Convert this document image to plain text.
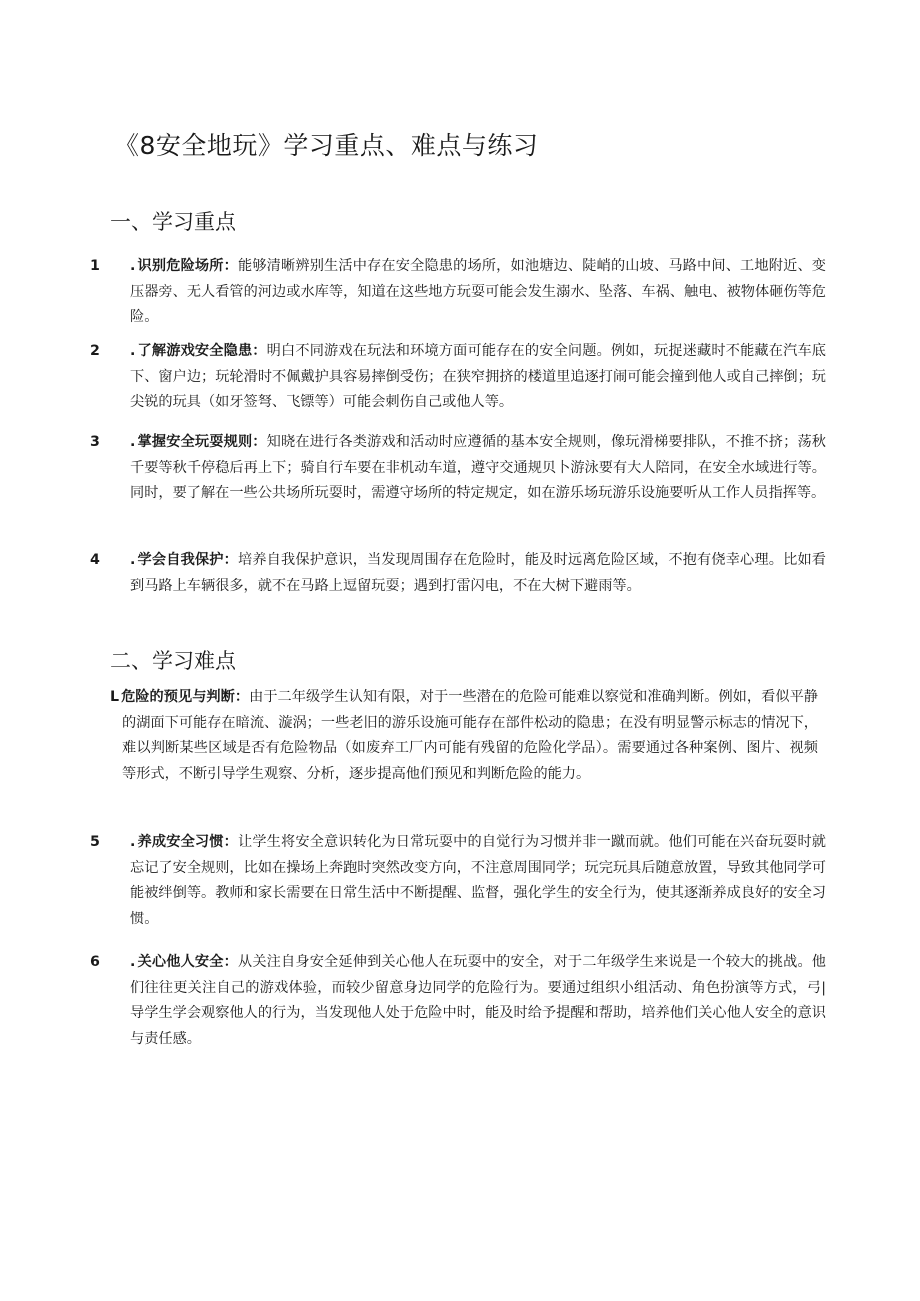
《8安全地玩》学习重点、难点与练习
一、学习重点

1 . 识别危险场所：能够清晰辨别生活中存在安全隐患的场所，如池塘边、陡峭的山坡、马路中间、工地附近、变压器旁、无人看管的河边或水库等，知道在这些地方玩耍可能会发生溺水、坠落、车祸、触电、被物体砸伤等危险。

2 . 了解游戏安全隐患：明白不同游戏在玩法和环境方面可能存在的安全问题。例如，玩捉迷藏时不能藏在汽车底下、窗户边；玩轮滑时不佩戴护具容易摔倒受伤；在狭窄拥挤的楼道里追逐打闹可能会撞到他人或自己摔倒；玩尖锐的玩具（如牙签弩、飞镖等）可能会刺伤自己或他人等。

3 . 掌握安全玩耍规则：知晓在进行各类游戏和活动时应遵循的基本安全规则，像玩滑梯要排队，不推不挤；荡秋千要等秋千停稳后再上下；骑自行车要在非机动车道，遵守交通规贝卜游泳要有大人陪同，在安全水域进行等。同时，要了解在一些公共场所玩耍时，需遵守场所的特定规定，如在游乐场玩游乐设施要听从工作人员指挥等。

4 . 学会自我保护：培养自我保护意识，当发现周围存在危险时，能及时远离危险区域，不抱有侥幸心理。比如看到马路上车辆很多，就不在马路上逗留玩耍；遇到打雷闪电，不在大树下避雨等。

二、学习难点

L 危险的预见与判断：由于二年级学生认知有限，对于一些潜在的危险可能难以察觉和准确判断。例如，看似平静的湖面下可能存在暗流、漩涡；一些老旧的游乐设施可能存在部件松动的隐患；在没有明显警示标志的情况下，难以判断某些区域是否有危险物品（如废弃工厂内可能有残留的危险化学品）。需要通过各种案例、图片、视频等形式，不断引导学生观察、分析，逐步提高他们预见和判断危险的能力。

5 . 养成安全习惯：让学生将安全意识转化为日常玩耍中的自觉行为习惯并非一蹴而就。他们可能在兴奋玩耍时就忘记了安全规则，比如在操场上奔跑时突然改变方向，不注意周围同学；玩完玩具后随意放置，导致其他同学可能被绊倒等。教师和家长需要在日常生活中不断提醒、监督，强化学生的安全行为，使其逐渐养成良好的安全习惯。

6 . 关心他人安全：从关注自身安全延伸到关心他人在玩耍中的安全，对于二年级学生来说是一个较大的挑战。他们往往更关注自己的游戏体验，而较少留意身边同学的危险行为。要通过组织小组活动、角色扮演等方式，弓|导学生学会观察他人的行为，当发现他人处于危险中时，能及时给予提醒和帮助，培养他们关心他人安全的意识与责任感。
